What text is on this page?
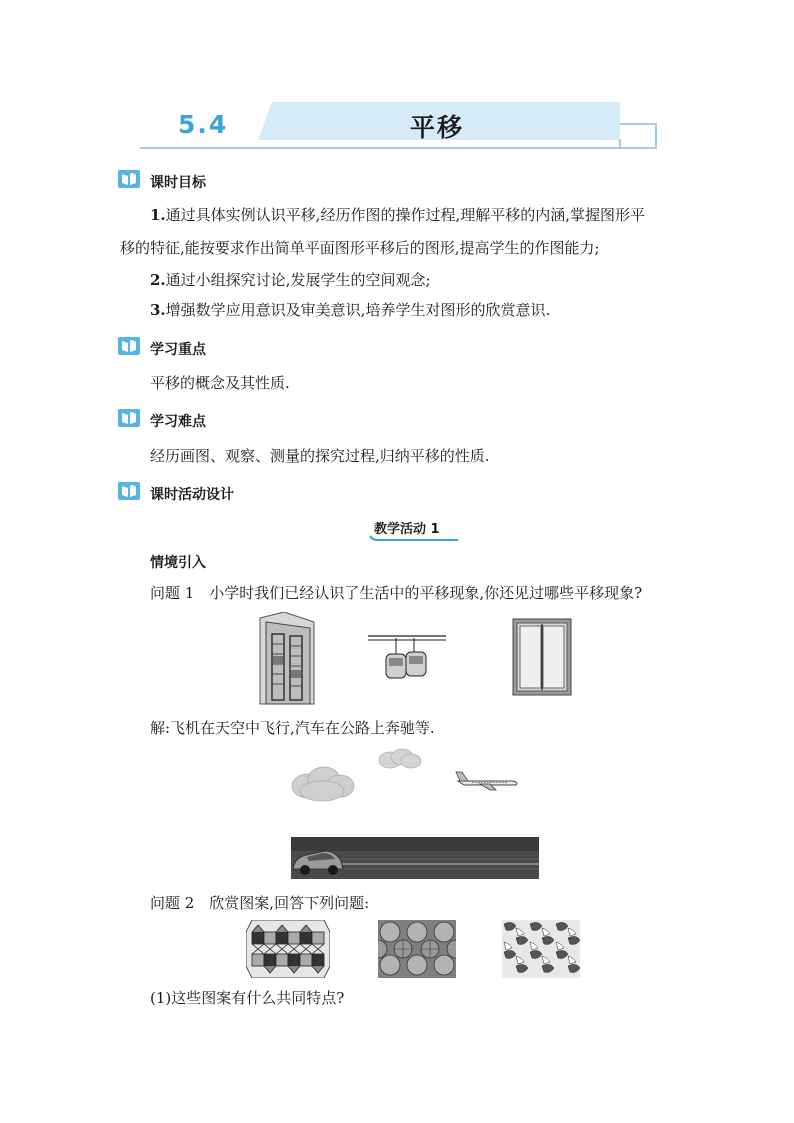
5.4	平移
课时目标
1.通过具体实例认识平移,经历作图的操作过程,理解平移的内涵,掌握图形平
移的特征,能按要求作出简单平面图形平移后的图形,提高学生的作图能力;
2.通过小组探究讨论,发展学生的空间观念;
3.增强数学应用意识及审美意识,培养学生对图形的欣赏意识.
学习重点
平移的概念及其性质.
学习难点
经历画图、观察、测量的探究过程,归纳平移的性质.
课时活动设计
教学活动 1
情境引入
问题 1　小学时我们已经认识了生活中的平移现象,你还见过哪些平移现象?
解:飞机在天空中飞行,汽车在公路上奔驰等.
问题 2　欣赏图案,回答下列问题:
(1)这些图案有什么共同特点?
